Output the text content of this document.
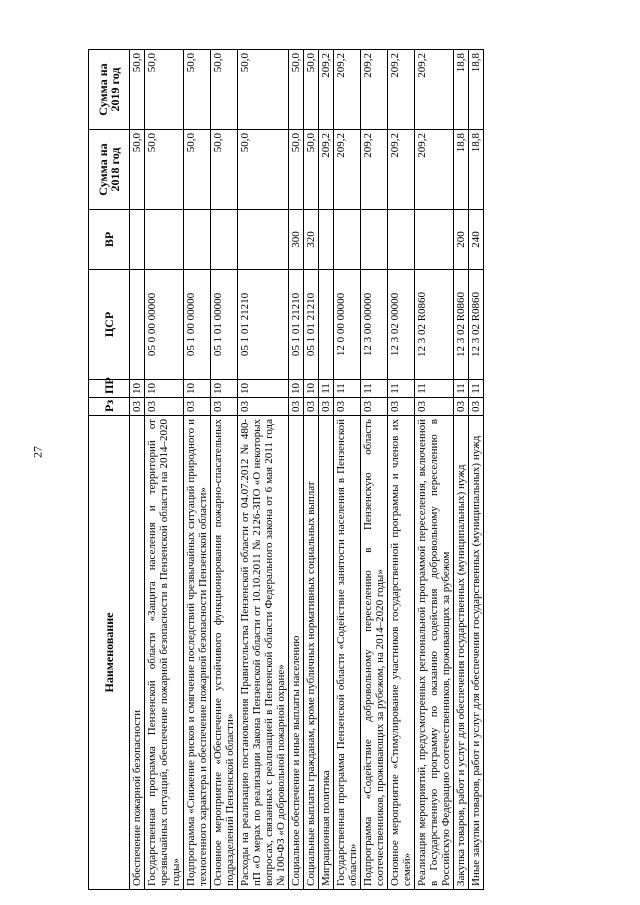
27
Наименование	Рз	ПР	ЦСР	ВР	Сумма на 2018 год	Сумма на 2019 год
Обеспечение пожарной безопасности	03	10			50,0	50,0
Государственная программа Пензенской области «Защита населения и территорий от чрезвычайных ситуаций, обеспечение пожарной безопасности в Пензенской области на 2014–2020 годы»	03	10	05 0 00 00000		50,0	50,0
Подпрограмма «Снижение рисков и смягчение последствий чрезвычайных ситуаций природного и техногенного характера и обеспечение пожарной безопасности Пензенской области»	03	10	05 1 00 00000		50,0	50,0
Основное мероприятие «Обеспечение устойчивого функционирования пожарно-спасательных подразделений Пензенской области»	03	10	05 1 01 00000		50,0	50,0
Расходы на реализацию постановления Правительства Пензенской области от 04.07.2012 № 480-пП «О мерах по реализации Закона Пензенской области от 10.10.2011 № 2126-ЗПО «О некоторых вопросах, связанных с реализацией в Пензенской области Федерального закона от 6 мая 2011 года № 100-ФЗ «О добровольной пожарной охране»	03	10	05 1 01 21210		50,0	50,0
Социальное обеспечение и иные выплаты населению	03	10	05 1 01 21210	300	50,0	50,0
Социальные выплаты гражданам, кроме публичных нормативных социальных выплат	03	10	05 1 01 21210	320	50,0	50,0
Миграционная политика	03	11			209,2	209,2
Государственная программа Пензенской области «Содействие занятости населения в Пензенской области»	03	11	12 0 00 00000		209,2	209,2
Подпрограмма «Содействие добровольному переселению в Пензенскую область соотечественников, проживающих за рубежом, на 2014–2020 годы»	03	11	12 3 00 00000		209,2	209,2
Основное мероприятие «Стимулирование участников государственной программы и членов их семей»	03	11	12 3 02 00000		209,2	209,2
Реализация мероприятий, предусмотренных региональной программой переселения, включенной в Государственную программу по оказанию содействия добровольному переселению в Российскую Федерацию соотечественников, проживающих за рубежом	03	11	12 3 02 R0860		209,2	209,2
Закупка товаров, работ и услуг для обеспечения государственных (муниципальных) нужд	03	11	12 3 02 R0860	200	18,8	18,8
Иные закупки товаров, работ и услуг для обеспечения государственных (муниципальных) нужд	03	11	12 3 02 R0860	240	18,8	18,8
